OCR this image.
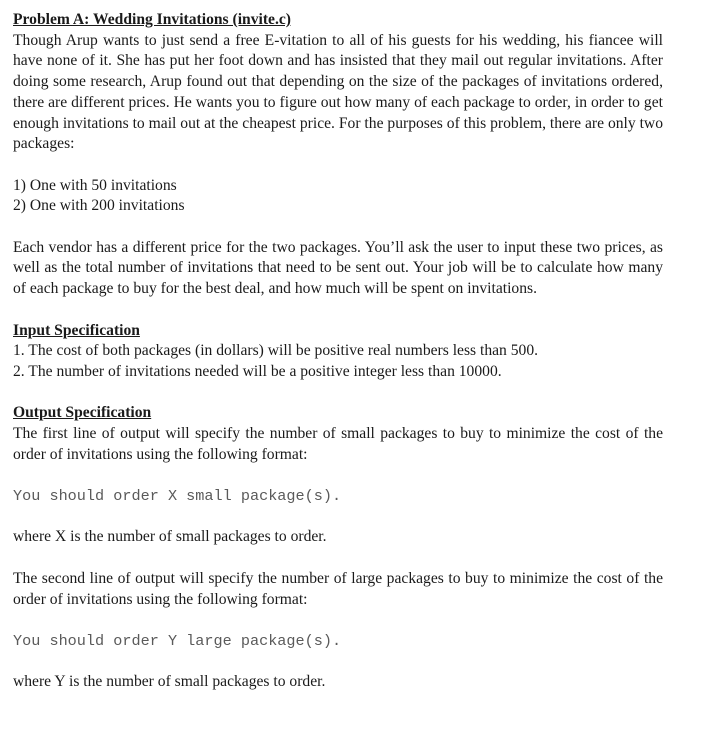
Problem A: Wedding Invitations (invite.c)

Though Arup wants to just send a free E-vitation to all of his guests for his wedding, his fiancee will have none of it. She has put her foot down and has insisted that they mail out regular invitations. After doing some research, Arup found out that depending on the size of the packages of invitations ordered, there are different prices. He wants you to figure out how many of each package to order, in order to get enough invitations to mail out at the cheapest price. For the purposes of this problem, there are only two packages:

1) One with 50 invitations
2) One with 200 invitations

Each vendor has a different price for the two packages. You’ll ask the user to input these two prices, as well as the total number of invitations that need to be sent out. Your job will be to calculate how many of each package to buy for the best deal, and how much will be spent on invitations.

Input Specification
1. The cost of both packages (in dollars) will be positive real numbers less than 500.
2. The number of invitations needed will be a positive integer less than 10000.
Output Specification

The first line of output will specify the number of small packages to buy to minimize the cost of the order of invitations using the following format:

You should order X small package(s).
where X is the number of small packages to order.

The second line of output will specify the number of large packages to buy to minimize the cost of the order of invitations using the following format:

You should order Y large package(s).
where Y is the number of small packages to order.
